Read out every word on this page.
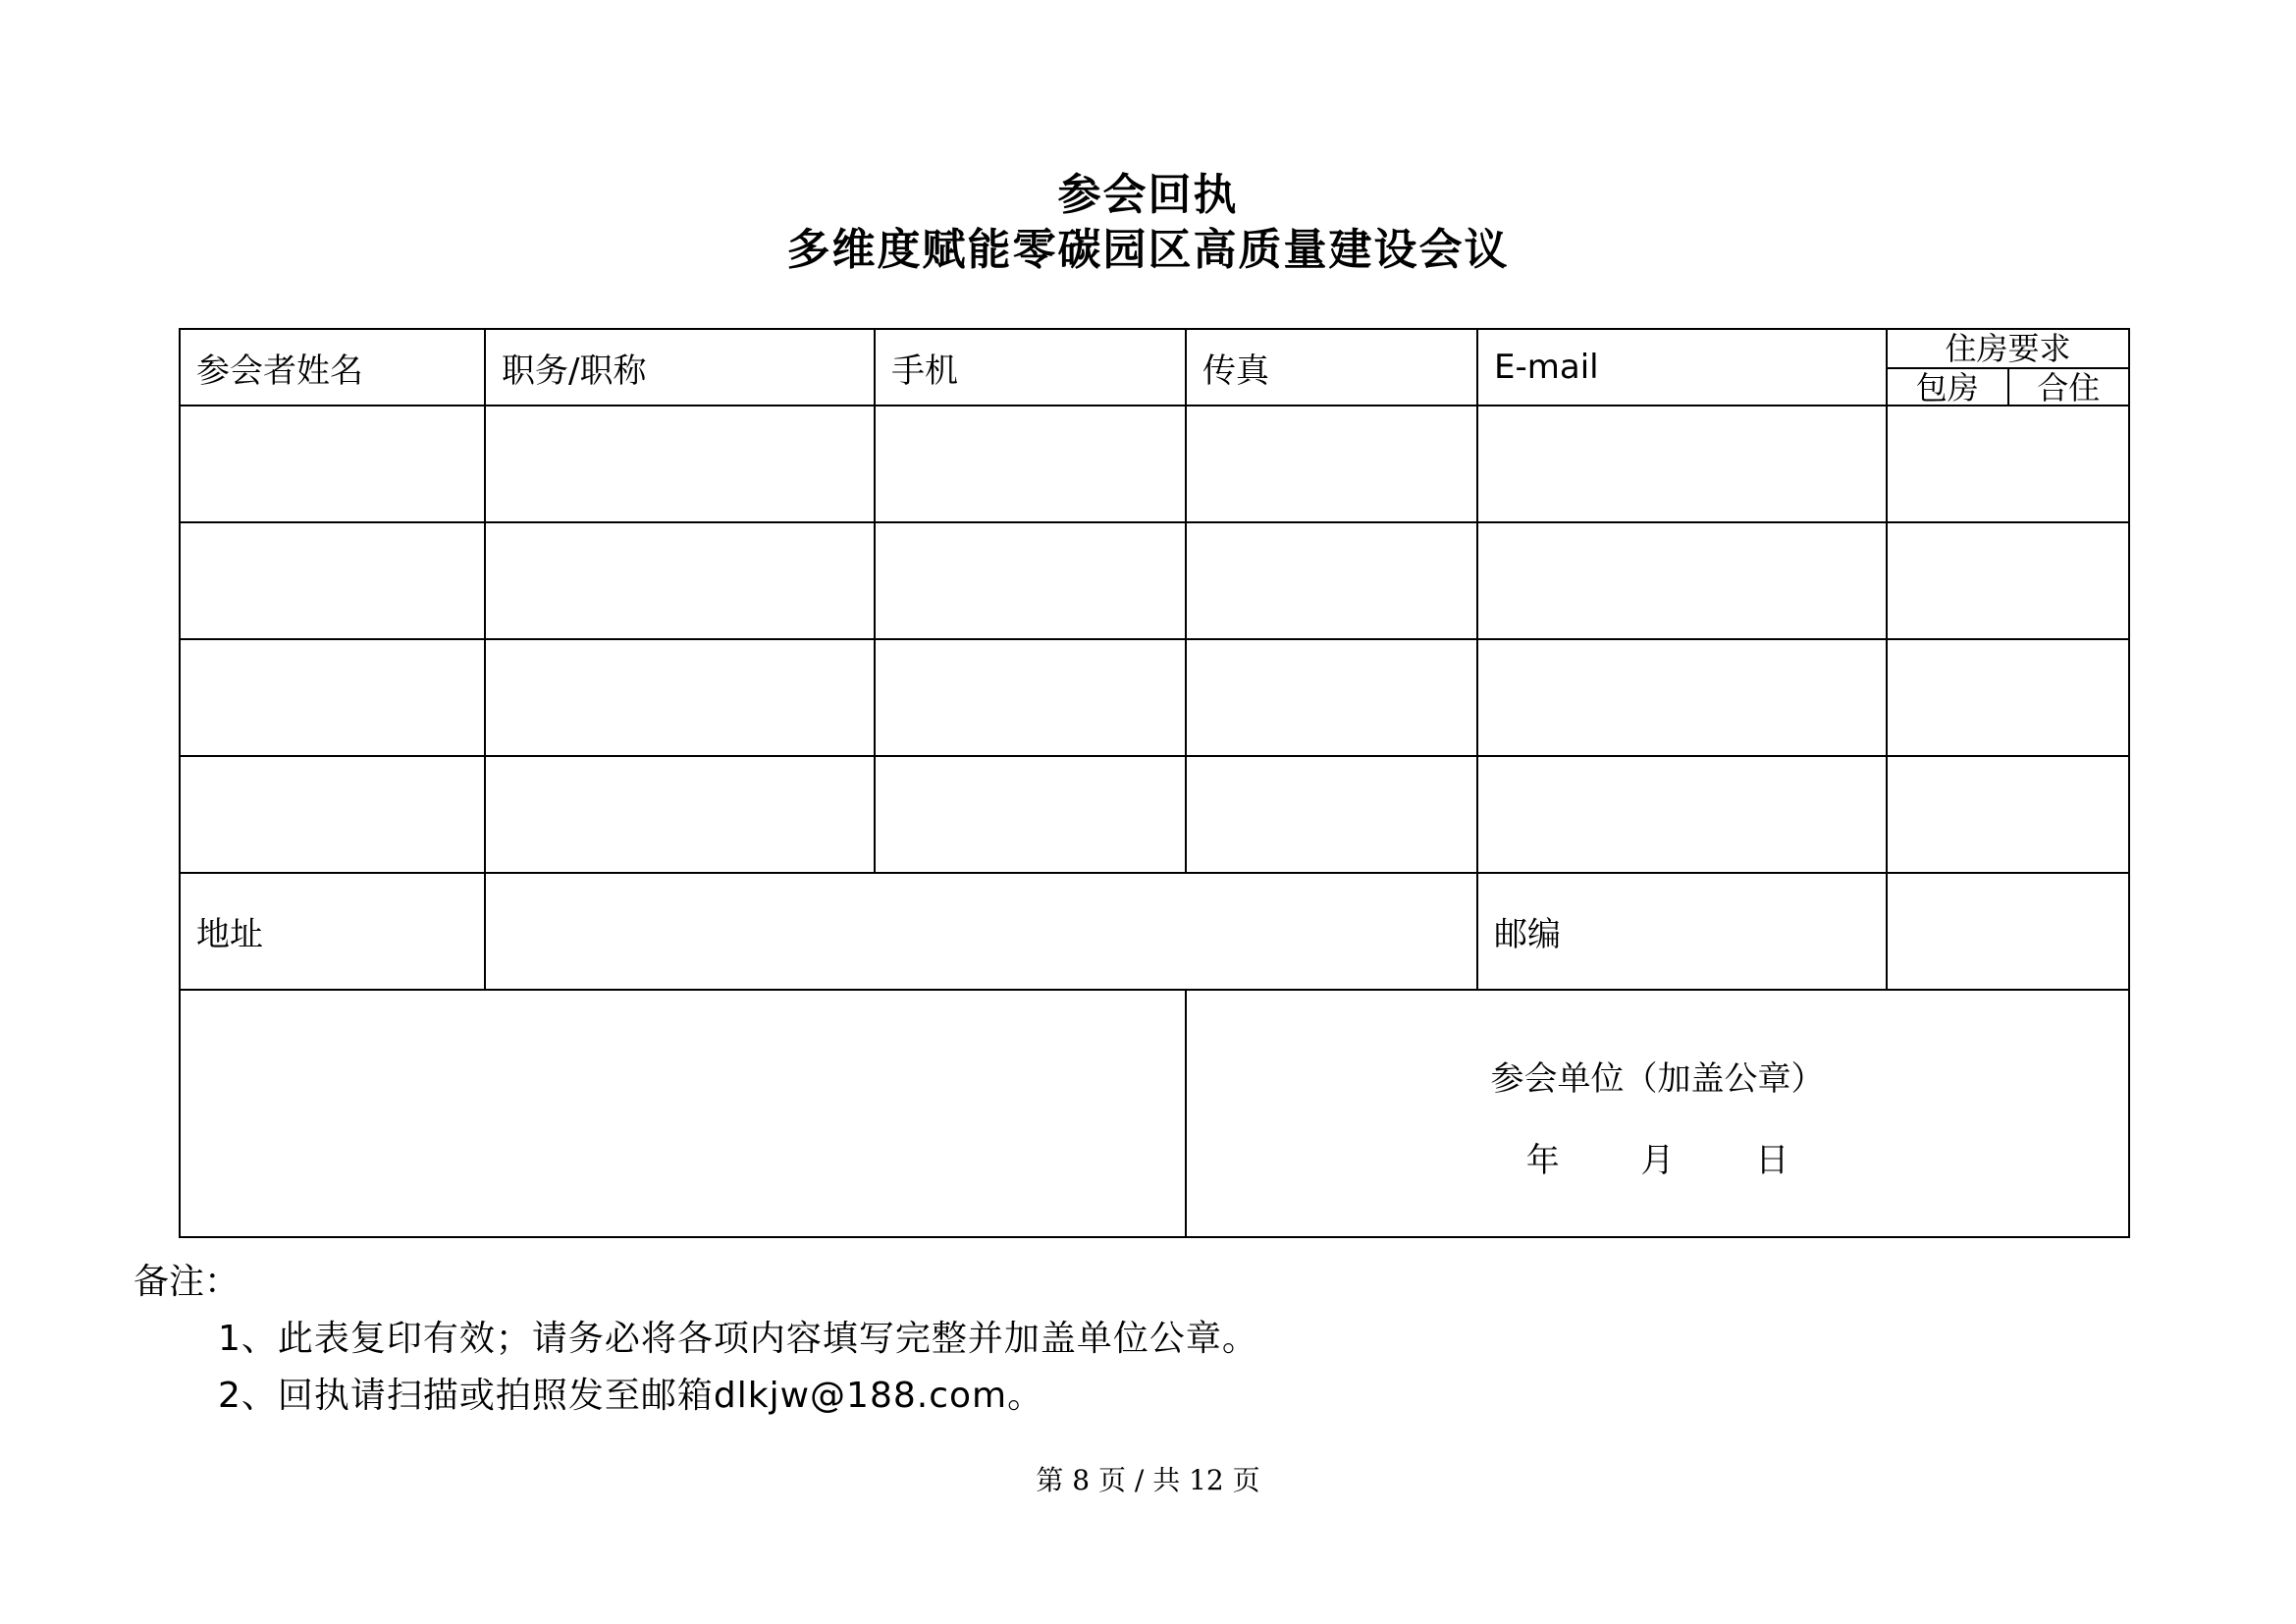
参会回执
多维度赋能零碳园区高质量建设会议
参会者姓名	职务/职称	手机	传真	E-mail	住房要求
包房 合住

地址				邮编	

			参会单位（加盖公章）
年 月 日		
备注：
1、此表复印有效；请务必将各项内容填写完整并加盖单位公章。
2、回执请扫描或拍照发至邮箱dlkjw@188.com。
第 8 页 / 共 12 页
